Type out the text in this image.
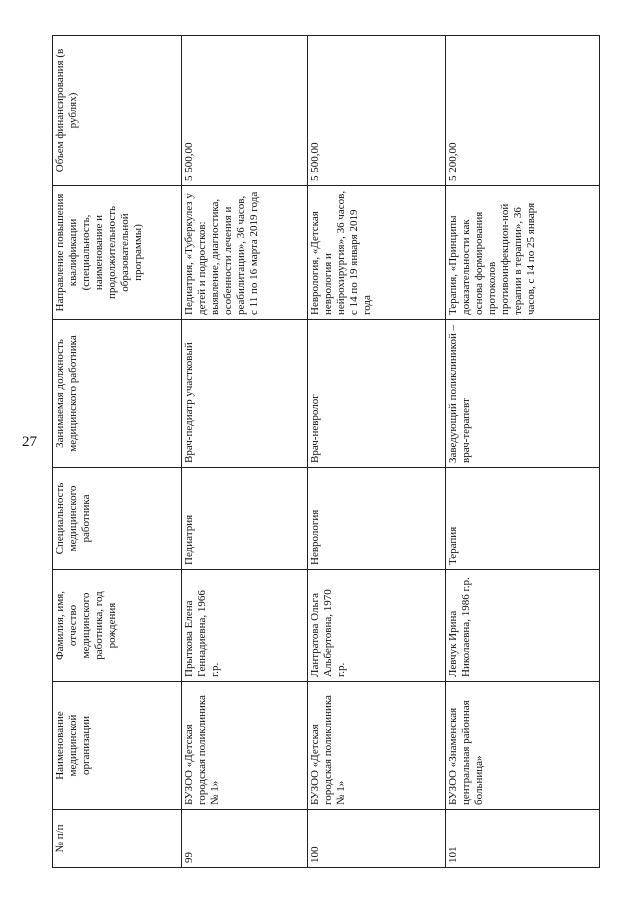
27
№ п/п	Наименование медицинской организации	Фамилия, имя, отчество медицинского работника, год рождения	Специальность медицинского работника	Занимаемая должность медицинского работника	Направление повышения квалификации (специальность, наименование и продолжительность образовательной программы)	Объем финансирования (в рублях)
99	БУЗОО «Детская городская поликлиника № 1»	Прыткова Елена Геннадиевна, 1966 г.р.	Педиатрия	Врач-педиатр участковый	Педиатрия, «Туберкулез у детей и подростков: выявление, диагностика, особенности лечения и реабилитации», 36 часов, с 11 по 16 марта 2019 года	5 500,00
100	БУЗОО «Детская городская поликлиника № 1»	Лантратова Ольга Альбертовна, 1970 г.р.	Неврология	Врач-невролог	Неврология, «Детская неврология и нейрохирургия», 36 часов, с 14 по 19 января 2019 года	5 500,00
101	БУЗОО «Знаменская центральная районная больница»	Левчук Ирина Николаевна, 1986 г.р.	Терапия	Заведующий поликлиникой – врач-терапевт	Терапия, «Принципы доказательности как основа формирования протоколов противоинфекцион-ной терапии в терапии», 36 часов, с 14 по 25 января	5 200,00
